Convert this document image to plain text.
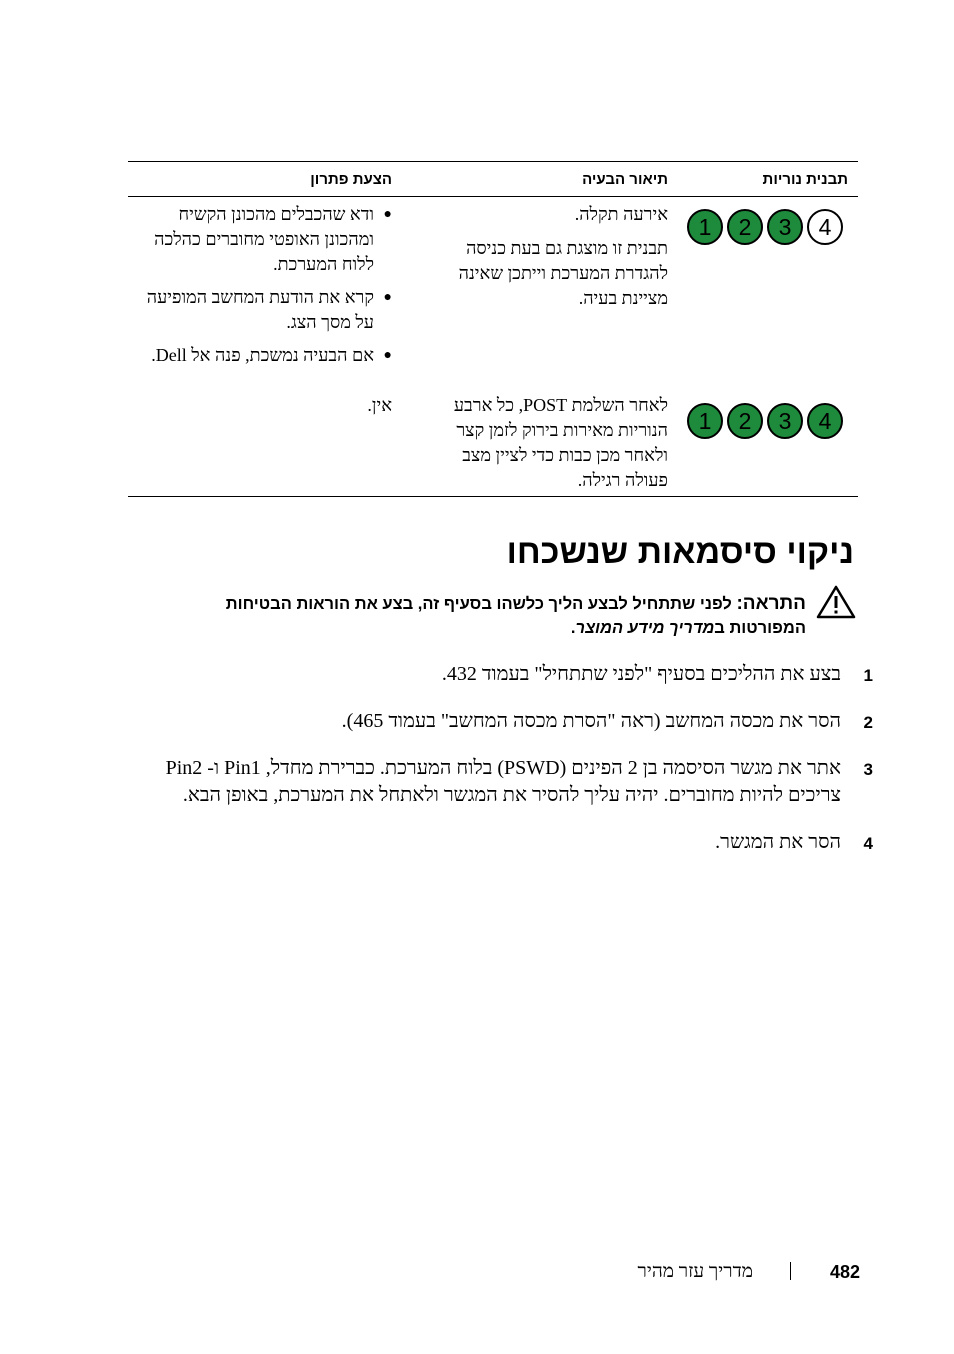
תבנית נוריות
תיאור הבעיה
הצעת פתרון
1 2 3 4
אירעה תקלה.
תבנית זו מוצגת גם בעת כניסה להגדרת המערכת וייתכן שאינה מציינת בעיה.
●
ודא שהכבלים מהכונן הקשיח ומהכונן האופטי מחוברים כהלכה ללוח המערכת.
●
קרא את הודעת המחשב המופיעה על מסך הצג.
●
אם הבעיה נמשכת, פנה אל Dell.
1 2 3 4
לאחר השלמת POST, כל ארבע הנוריות מאירות בירוק לזמן קצר ולאחר מכן כבות כדי לציין מצב פעולה רגילה.
אין.
ניקוי סיסמאות שנשכחו
התראה: לפני שתתחיל לבצע הליך כלשהו בסעיף זה, בצע את הוראות הבטיחות המפורטות במדריך מידע המוצר.
1
בצע את ההליכים בסעיף "לפני שתתחיל" בעמוד 432.
2
הסר את מכסה המחשב (ראה "הסרת מכסה המחשב" בעמוד 465).
3
אתר את מגשר הסיסמה בן 2 הפינים (PSWD) בלוח המערכת. כברירת מחדל, Pin1 ו- Pin2 צריכים להיות מחוברים. יהיה עליך להסיר את המגשר ולאתחל את המערכת, באופן הבא.
4
הסר את המגשר.
482
מדריך עזר מהיר
